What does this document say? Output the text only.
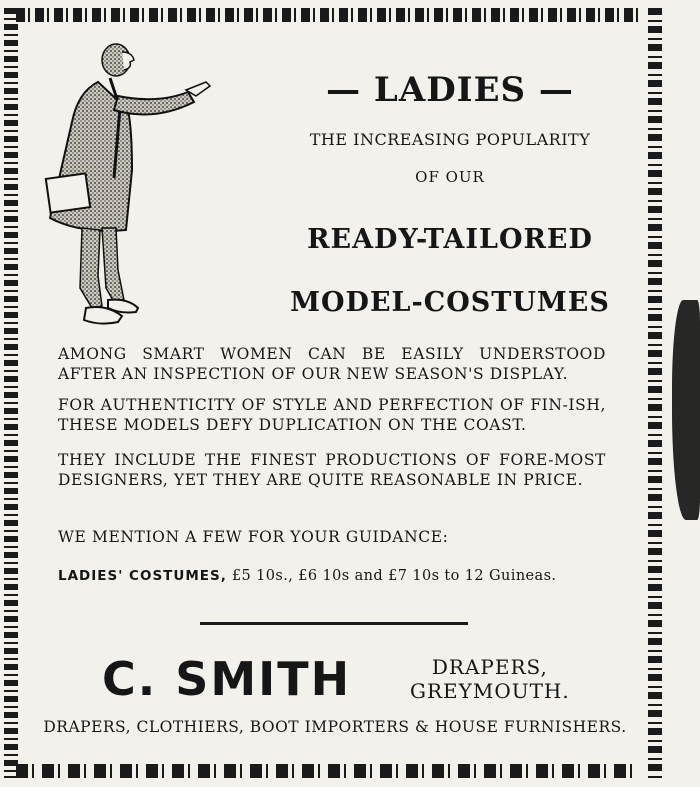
— LADIES —
THE INCREASING POPULARITY
OF OUR
READY-TAILORED
MODEL-COSTUMES
AMONG SMART WOMEN CAN BE EASILY UNDERSTOOD AFTER AN INSPECTION OF OUR NEW SEASON'S DISPLAY.
FOR AUTHENTICITY OF STYLE AND PERFECTION OF FIN-ISH, THESE MODELS DEFY DUPLICATION ON THE COAST.
THEY INCLUDE THE FINEST PRODUCTIONS OF FORE-MOST DESIGNERS, YET THEY ARE QUITE REASONABLE IN PRICE.
WE MENTION A FEW FOR YOUR GUIDANCE:
LADIES' COSTUMES, £5 10s., £6 10s and £7 10s to 12 Guineas.
C. SMITH	DRAPERS,
GREYMOUTH.
DRAPERS, CLOTHIERS, BOOT IMPORTERS & HOUSE FURNISHERS.
